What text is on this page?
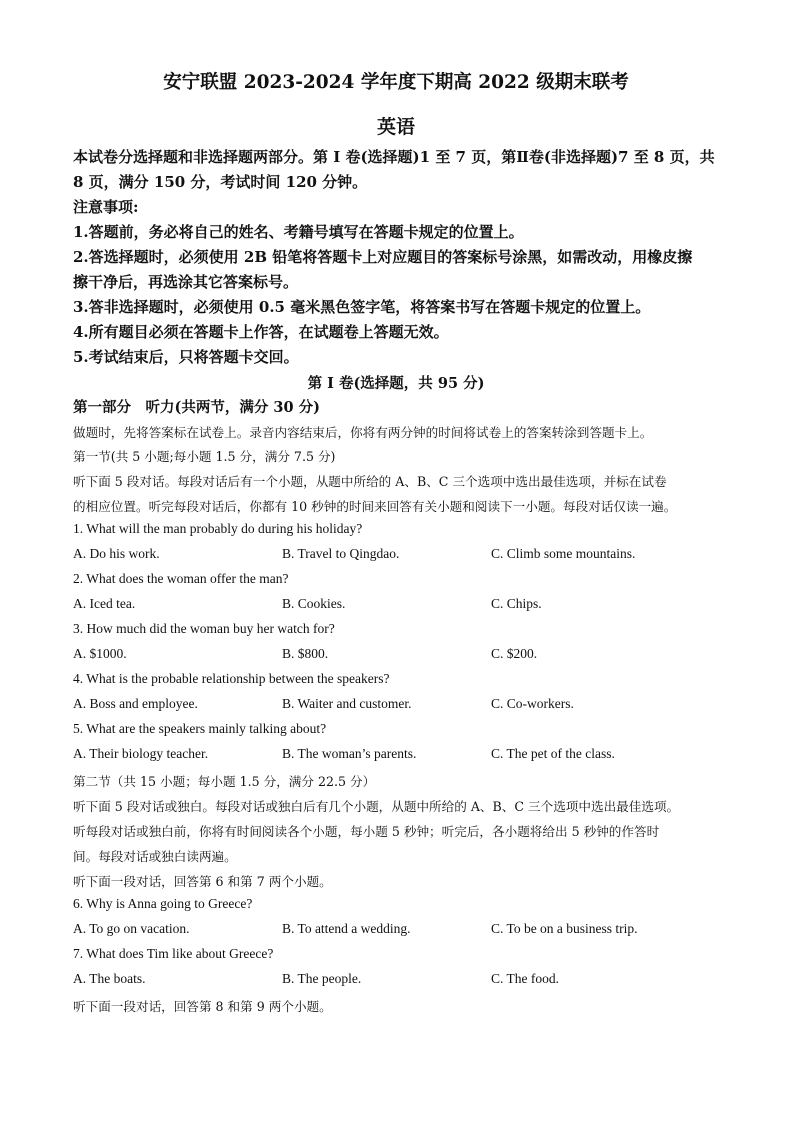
安宁联盟 2023-2024 学年度下期高 2022 级期末联考
英语
本试卷分选择题和非选择题两部分。第 I 卷(选择题)1 至 7 页，第Ⅱ卷(非选择题)7 至 8 页，共
8 页，满分 150 分，考试时间 120 分钟。
注意事项:
1.答题前，务必将自己的姓名、考籍号填写在答题卡规定的位置上。
2.答选择题时，必须使用 2B 铅笔将答题卡上对应题目的答案标号涂黑，如需改动，用橡皮擦
擦干净后，再选涂其它答案标号。
3.答非选择题时，必须使用 0.5 毫米黑色签字笔，将答案书写在答题卡规定的位置上。
4.所有题目必须在答题卡上作答，在试题卷上答题无效。
5.考试结束后，只将答题卡交回。
第 I 卷(选择题，共 95 分)
第一部分　听力(共两节，满分 30 分)
做题时，先将答案标在试卷上。录音内容结束后，你将有两分钟的时间将试卷上的答案转涂到答题卡上。
第一节(共 5 小题;每小题 1.5 分，满分 7.5 分)
听下面 5 段对话。每段对话后有一个小题，从题中所给的 A、B、C 三个选项中选出最佳选项，并标在试卷
的相应位置。听完每段对话后，你都有 10 秒钟的时间来回答有关小题和阅读下一小题。每段对话仅读一遍。
1. What will the man probably do during his holiday?
A. Do his work.	B. Travel to Qingdao.	C. Climb some mountains.
2. What does the woman offer the man?
A. Iced tea.	B. Cookies.	C. Chips.
3. How much did the woman buy her watch for?
A. $1000.	B. $800.	C. $200.
4. What is the probable relationship between the speakers?
A. Boss and employee.	B. Waiter and customer.	C. Co-workers.
5. What are the speakers mainly talking about?
A. Their biology teacher.	B. The woman’s parents.	C. The pet of the class.
第二节（共 15 小题；每小题 1.5 分，满分 22.5 分）
听下面 5 段对话或独白。每段对话或独白后有几个小题，从题中所给的 A、B、C 三个选项中选出最佳选项。
听每段对话或独白前，你将有时间阅读各个小题，每小题 5 秒钟；听完后，各小题将给出 5 秒钟的作答时
间。每段对话或独白读两遍。
听下面一段对话，回答第 6 和第 7 两个小题。
6. Why is Anna going to Greece?
A. To go on vacation.	B. To attend a wedding.	C. To be on a business trip.
7. What does Tim like about Greece?
A. The boats.	B. The people.	C. The food.
听下面一段对话，回答第 8 和第 9 两个小题。
